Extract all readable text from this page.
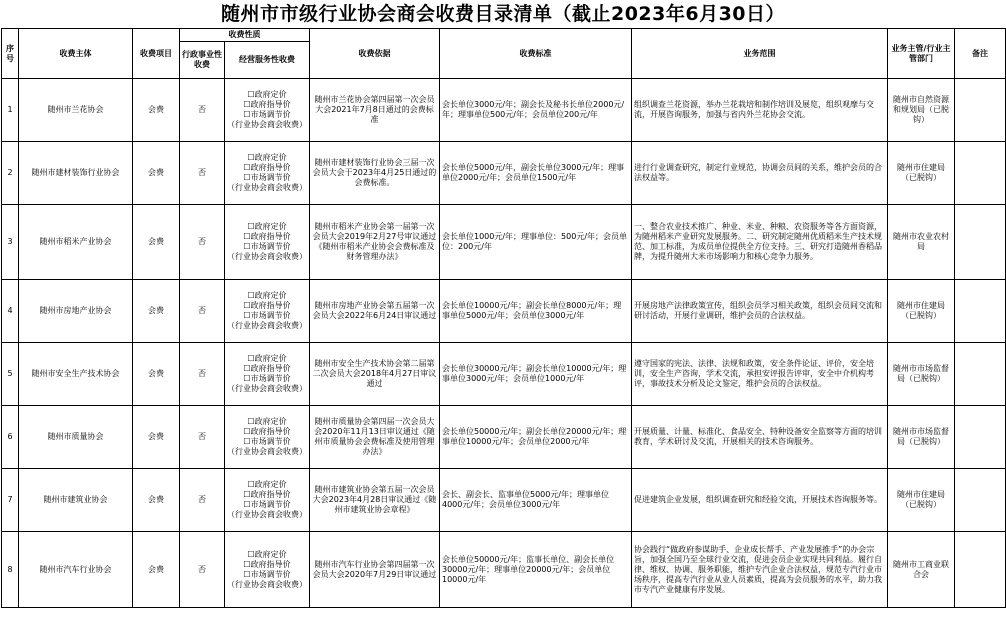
随州市市级行业协会商会收费目录清单（截止2023年6月30日）
序号	收费主体	收费项目	收费性质		收费依据	收费标准	业务范围	业务主管/行业主管部门	备注
			行政事业性收费	经营服务性收费					
1	随州市兰花协会	会费	否	☐政府定价
☐政府指导价
☐市场调节价
（行业协会商会收费）	随州市兰花协会第四届第一次会员大会2021年7月8日通过的会费标准	会长单位3000元/年；副会长及秘书长单位2000元/年；理事单位500元/年；会员单位200元/年	组织调查兰花资源，举办兰花栽培和制作培训及展览，组织观摩与交流，开展咨询服务，加强与省内外兰花协会交流。	随州市自然资源和规划局（已脱钩）	
2	随州市建材装饰行业协会	会费	否	☐政府定价
☐政府指导价
☐市场调节价
（行业协会商会收费）	随州市建材装饰行业协会三届一次会员大会于2023年4月25日通过的会费标准。	会长单位5000元/年，副会长单位3000元/年；理事单位2000元/年；会员单位1500元/年	进行行业调查研究，制定行业规范，协调会员间的关系，维护会员的合法权益等。	随州市住建局（已脱钩）	
3	随州市稻米产业协会	会费	否	☐政府定价
☐政府指导价
☐市场调节价
（行业协会商会收费）	随州市稻米产业协会第一届第一次会员大会2019年2月27号审议通过《随州市稻米产业协会会费标准及财务管理办法》	会长单位1000元/年；理事单位：500元/年；会员单位：200元/年	一、整合农业技术推广、种业、米业、种粮、农资服务等各方面资源，为随州稻米产业研究发展服务。二、研究制定随州优质稻米生产技术规范、加工标准，为成员单位提供全方位支持。三、研究打造随州香稻品牌，为提升随州大米市场影响力和核心竞争力服务。	随州市农业农村局	
4	随州市房地产业协会	会费	否	☐政府定价
☐政府指导价
☐市场调节价
（行业协会商会收费）	随州市房地产业协会第五届第一次会员大会2022年6月24日审议通过	会长单位10000元/年；副会长单位8000元/年；理事单位5000元/年；会员单位3000元/年	开展房地产法律政策宣传，组织会员学习相关政策，组织会员间交流和研讨活动，开展行业调研，维护会员的合法权益。	随州市住建局（已脱钩）	
5	随州市安全生产技术协会	会费	否	☐政府定价
☐政府指导价
☐市场调节价
（行业协会商会收费）	随州市安全生产技术协会第二届第二次会员大会2018年4月27日审议通过	会长单位30000元/年；副会长单位10000元/年；理事单位3000元/年；会员单位1000元/年	遵守国家的宪法、法律、法规和政策，安全条件论证、评价，安全培训，安全生产咨询，学术交流，承担安评报告评审，安全中介机构考评，事故技术分析及论文鉴定，维护会员的合法权益。	随州市市场监督局（已脱钩）	
6	随州市质量协会	会费	否	☐政府定价
☐政府指导价
☐市场调节价
（行业协会商会收费）	随州市质量协会第四届一次会员大会2020年11月13日审议通过《随州市质量协会会费标准及使用管理办法》	会长单位50000元/年；副会长单位20000元/年；理事单位10000元/年；会员单位2000元/年	开展质量、计量、标准化、食品安全、特种设备安全监察等方面的培训教育，学术研讨及交流，开展相关的技术咨询服务。	随州市市场监督局（已脱钩）	
7	随州市建筑业协会	会费	否	☐政府定价
☐政府指导价
☐市场调节价
（行业协会商会收费）	随州市建筑业协会第五届一次会员大会2023年4月28日审议通过《随州市建筑业协会章程》	会长、副会长、监事单位5000元/年；理事单位4000元/年；会员单位3000元/年	促进建筑企业发展，组织调查研究和经验交流，开展技术咨询服务等。	随州市住建局（已脱钩）	
8	随州市汽车行业协会	会费	否	☐政府定价
☐政府指导价
☐市场调节价
（行业协会商会收费）	随州市汽车行业协会第四届第一次会员大会2020年7月29日审议通过	会长单位50000元/年；监事长单位、副会长单位30000元/年；理事单位20000元/年；会员单位10000元/年	协会践行“做政府参谋助手、企业成长帮手、产业发展推手”的办会宗旨，加强全国乃至全球行业交流，促进会员企业实现共同利益。履行自律、维权、协调、服务职能，维护专汽企业合法权益，规范专汽行业市场秩序，提高专汽行业从业人员素质，提高为会员服务的水平，助力我市专汽产业健康有序发展。	随州市工商业联合会	
